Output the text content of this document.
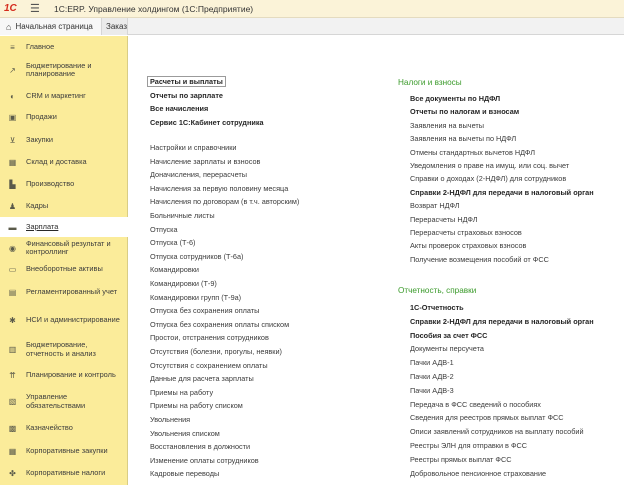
1С	☰	1С:ERP. Управление холдингом (1С:Предприятие)
⌂ Начальная страница Заказ
≡ Главное
↗
Бюджетирование и планирование
◐ CRM и маркетинг
▣ Продажи
⊻ Закупки
▦ Склад и доставка
▙ Производство
♟ Кадры
▬ Зарплата
◉
Финансовый результат и контроллинг
▭ Внеоборотные активы
▤ Регламентированный учет
✱ НСИ и администрирование
▥
Бюджетирование, отчетность и анализ
⇈ Планирование и контроль
▧
Управление обязательствами
▩ Казначейство
▦ Корпоративные закупки
✤ Корпоративные налоги
Расчеты и выплаты
Отчеты по зарплате
Все начисления
Сервис 1С:Кабинет сотрудника
Настройки и справочники
Начисление зарплаты и взносов
Доначисления, перерасчеты
Начисления за первую половину месяца
Начисления по договорам (в т.ч. авторским)
Больничные листы
Отпуска
Отпуска (Т-6)
Отпуска сотрудников (Т-6а)
Командировки
Командировки (Т-9)
Командировки групп (Т-9а)
Отпуска без сохранения оплаты
Отпуска без сохранения оплаты списком
Простои, отстранения сотрудников
Отсутствия (болезни, прогулы, неявки)
Отсутствия с сохранением оплаты
Данные для расчета зарплаты
Приемы на работу
Приемы на работу списком
Увольнения
Увольнения списком
Восстановления в должности
Изменение оплаты сотрудников
Кадровые переводы
Налоги и взносы
Все документы по НДФЛ
Отчеты по налогам и взносам
Заявления на вычеты
Заявления на вычеты по НДФЛ
Отмены стандартных вычетов НДФЛ
Уведомления о праве на имущ. или соц. вычет
Справки о доходах (2-НДФЛ) для сотрудников
Справки 2-НДФЛ для передачи в налоговый орган
Возврат НДФЛ
Перерасчеты НДФЛ
Перерасчеты страховых взносов
Акты проверок страховых взносов
Получение возмещения пособий от ФСС
Отчетность, справки
1С-Отчетность
Справки 2-НДФЛ для передачи в налоговый орган
Пособия за счет ФСС
Документы персучета
Пачки АДВ-1
Пачки АДВ-2
Пачки АДВ-3
Передача в ФСС сведений о пособиях
Сведения для реестров прямых выплат ФСС
Описи заявлений сотрудников на выплату пособий
Реестры ЭЛН для отправки в ФСС
Реестры прямых выплат ФСС
Добровольное пенсионное страхование
